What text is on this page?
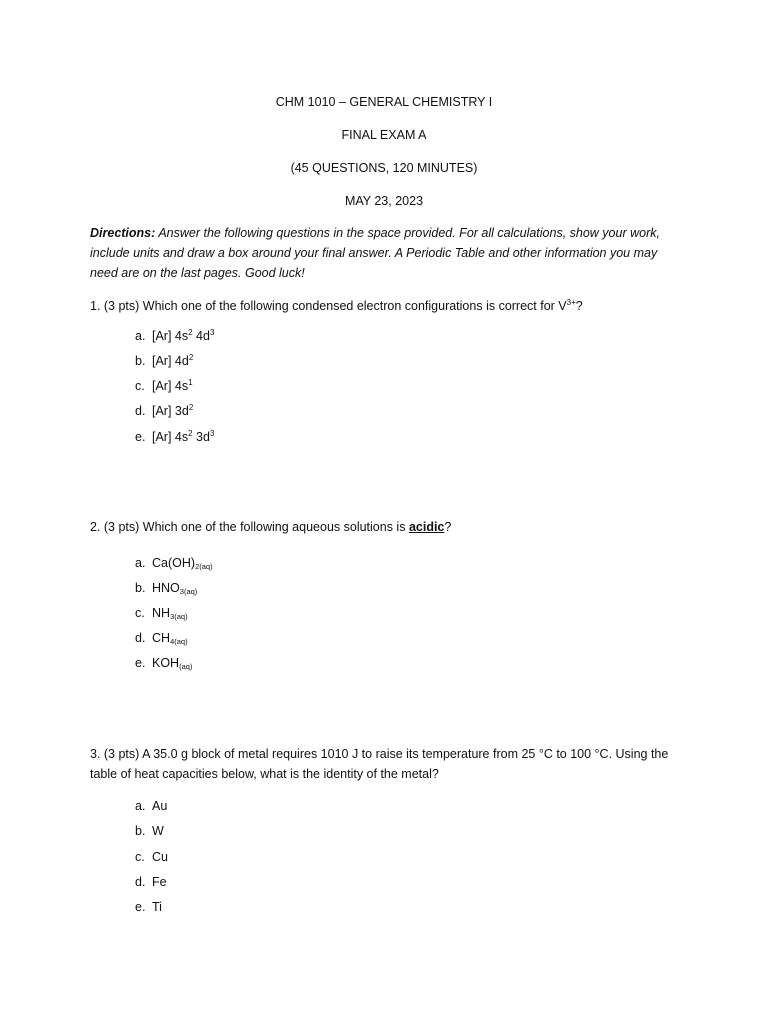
CHM 1010 – GENERAL CHEMISTRY I
FINAL EXAM A
(45 QUESTIONS, 120 MINUTES)
MAY 23, 2023
Directions: Answer the following questions in the space provided. For all calculations, show your work,
include units and draw a box around your final answer. A Periodic Table and other information you may
need are on the last pages. Good luck!
1. (3 pts) Which one of the following condensed electron configurations is correct for $V^{3+}$?
a. [Ar] $4s^2$ $4d^3$
b. [Ar] $4d^2$
c. [Ar] $4s^1$
d. [Ar] $3d^2$
e. [Ar] $4s^2$ $3d^3$
2. (3 pts) Which one of the following aqueous solutions is acidic?
a. $Ca(OH)_{2(aq)}$
b. $HNO_{3(aq)}$
c. $NH_{3(aq)}$
d. $CH_{4(aq)}$
e. $KOH_{(aq)}$
3. (3 pts) A 35.0 g block of metal requires 1010 J to raise its temperature from 25 °C to 100 °C. Using the
table of heat capacities below, what is the identity of the metal?
a. Au
b. W
c. Cu
d. Fe
e. Ti
